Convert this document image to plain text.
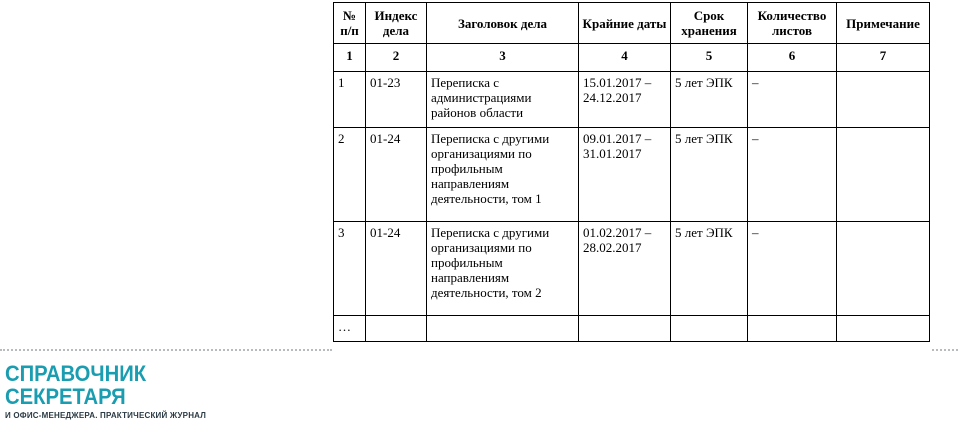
№ п/п	Индекс дела	Заголовок дела	Крайние даты	Срок хранения	Количество листов	Примечание
1	2	3	4	5	6	7
1	01-23	Переписка с администрациями районов области	15.01.2017 – 24.12.2017	5 лет ЭПК	–	
2	01-24	Переписка с другими организациями по профильным направлениям деятельности, том 1	09.01.2017 – 31.01.2017	5 лет ЭПК	–	
3	01-24	Переписка с другими организациями по профильным направлениям деятельности, том 2	01.02.2017 – 28.02.2017	5 лет ЭПК	–	
…						
СПРАВОЧНИК
СЕКРЕТАРЯ
И ОФИС-МЕНЕДЖЕРА. ПРАКТИЧЕСКИЙ ЖУРНАЛ
